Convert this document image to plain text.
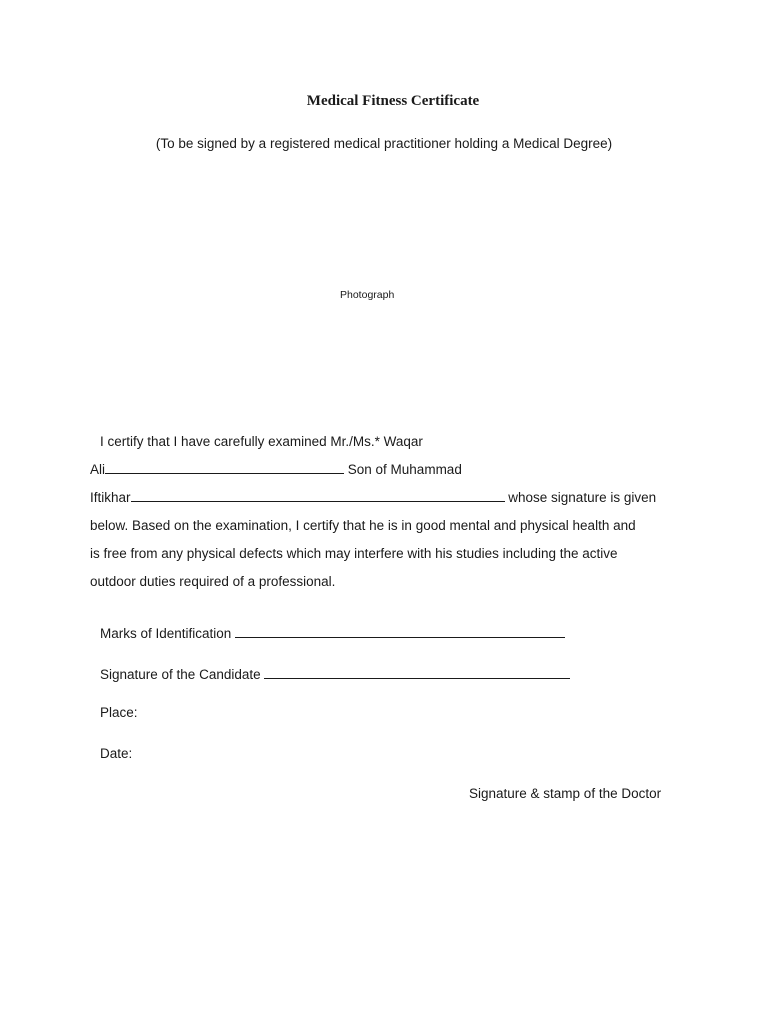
Medical Fitness Certificate
(To be signed by a registered medical practitioner holding a Medical Degree)
Photograph
I certify that I have carefully examined Mr./Ms.* Waqar
Ali	Son of Muhammad
Iftikhar	whose signature is given
below. Based on the examination, I certify that he is in good mental and physical health and
is free from any physical defects which may interfere with his studies including the active
outdoor duties required of a professional.
Marks of Identification
Signature of the Candidate
Place:
Date:
Signature & stamp of the Doctor
